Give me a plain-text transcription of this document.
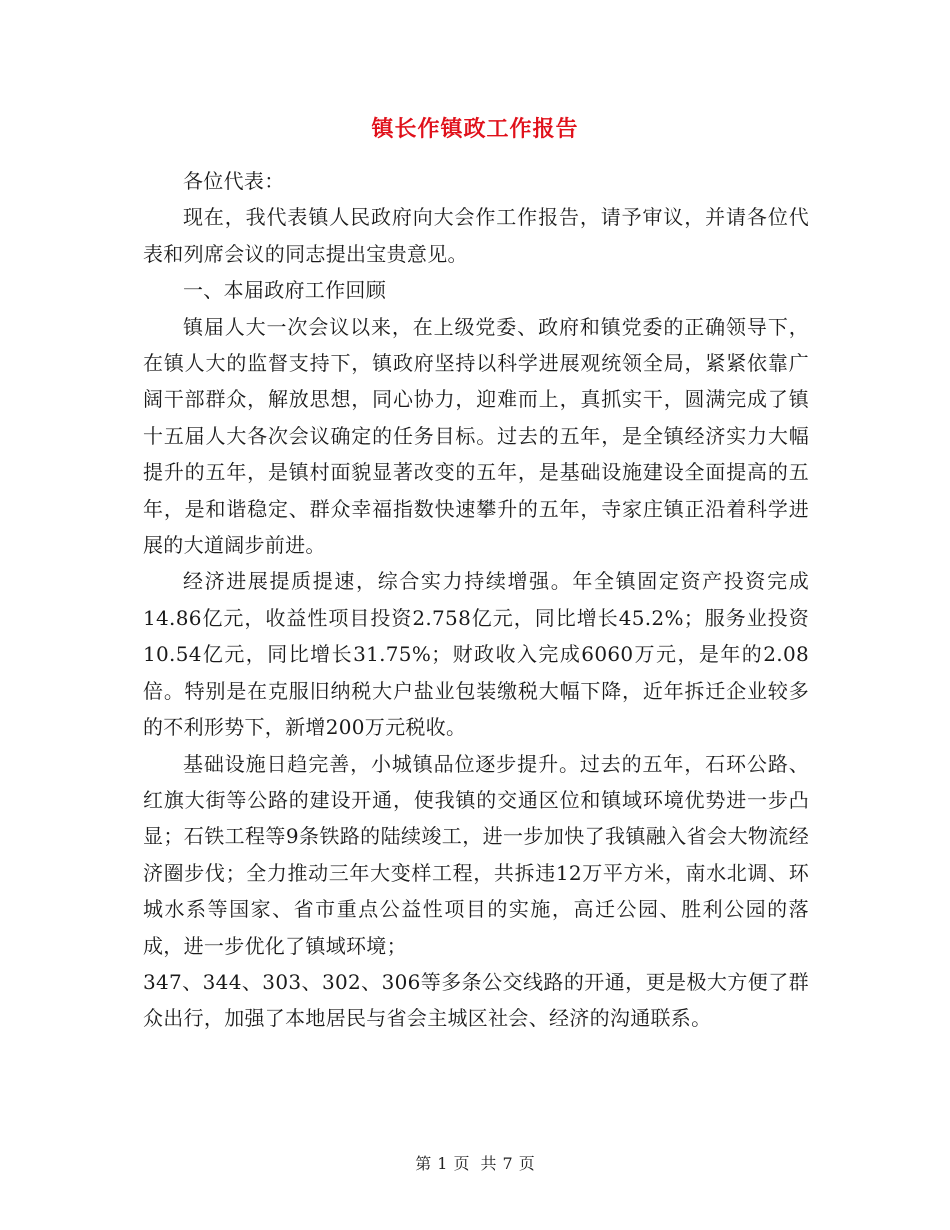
镇长作镇政工作报告

各位代表：

现在，我代表镇人民政府向大会作工作报告，请予审议，并请各位代表和列席会议的同志提出宝贵意见。

一、本届政府工作回顾

镇届人大一次会议以来，在上级党委、政府和镇党委的正确领导下，在镇人大的监督支持下，镇政府坚持以科学进展观统领全局，紧紧依靠广阔干部群众，解放思想，同心协力，迎难而上，真抓实干，圆满完成了镇十五届人大各次会议确定的任务目标。过去的五年，是全镇经济实力大幅提升的五年，是镇村面貌显著改变的五年，是基础设施建设全面提高的五年，是和谐稳定、群众幸福指数快速攀升的五年，寺家庄镇正沿着科学进展的大道阔步前进。

经济进展提质提速，综合实力持续增强。年全镇固定资产投资完成14.86亿元，收益性项目投资2.758亿元，同比增长45.2%；服务业投资10.54亿元，同比增长31.75%；财政收入完成6060万元，是年的2.08倍。特别是在克服旧纳税大户盐业包装缴税大幅下降，近年拆迁企业较多的不利形势下，新增200万元税收。

基础设施日趋完善，小城镇品位逐步提升。过去的五年，石环公路、红旗大街等公路的建设开通，使我镇的交通区位和镇域环境优势进一步凸显；石铁工程等9条铁路的陆续竣工，进一步加快了我镇融入省会大物流经济圈步伐；全力推动三年大变样工程，共拆违12万平方米，南水北调、环城水系等国家、省市重点公益性项目的实施，高迁公园、胜利公园的落成，进一步优化了镇域环境；

347、344、303、302、306等多条公交线路的开通，更是极大方便了群众出行，加强了本地居民与省会主城区社会、经济的沟通联系。

第 1 页 共 7 页
